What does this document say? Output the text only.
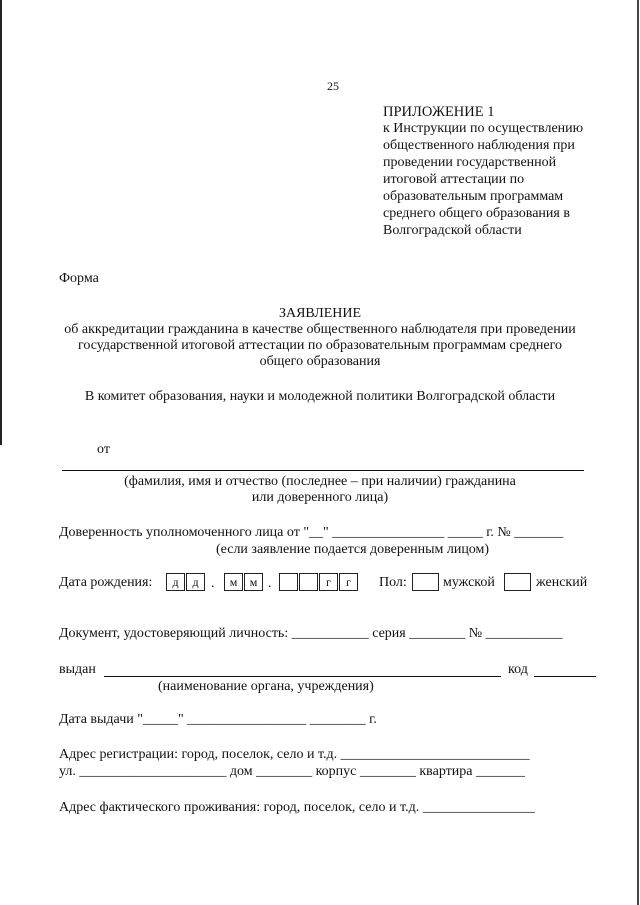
25
ПРИЛОЖЕНИЕ 1
к Инструкции по осуществлению
общественного наблюдения при
проведении государственной
итоговой аттестации по
образовательным программам
среднего общего образования в
Волгоградской области
Форма
ЗАЯВЛЕНИЕ
об аккредитации гражданина в качестве общественного наблюдателя при проведении
государственной итоговой аттестации по образовательным программам среднего
общего образования
В комитет образования, науки и молодежной политики Волгоградской области
от
(фамилия, имя и отчество (последнее – при наличии) гражданина
или доверенного лица)
Доверенность уполномоченного лица от "__" ________________ _____ г. № _______
(если заявление подается доверенным лицом)
Дата рождения:	д	д .	м	м .	г	г	Пол:	мужской	женский
Документ, удостоверяющий личность: ___________ серия ________ № ___________
выдан	код
(наименование органа, учреждения)
Дата выдачи "_____" _________________ ________ г.
Адрес регистрации: город, поселок, село и т.д. ___________________________
ул. _____________________ дом ________ корпус ________ квартира _______
Адрес фактического проживания: город, поселок, село и т.д. ________________
